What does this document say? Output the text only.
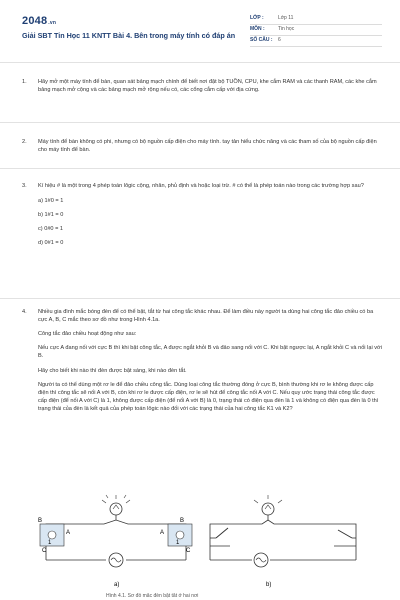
2048.vn
Giải SBT Tin Học 11 KNTT Bài 4. Bên trong máy tính có đáp án
LỚP :	Lớp 11
MÔN :	Tin học
SỐ CÂU :	6
1.	Hãy mở một máy tính để bàn, quan sát bảng mạch chính để biết nơi đặt bộ TUỒN, CPU, khe cắm RAM và các thanh RAM, các khe cắm bảng mạch mở cộng và các bảng mạch mở rộng nếu có, các cổng cắm cấp với địa cứng.

2.	Máy tính để bàn không có phi, nhưng có bộ nguồn cấp điện cho máy tính. tay tản hiểu chức năng và các tham số của bộ nguồn cấp điện cho máy tính để bàn.

3.	Kí hiệu # là một trong 4 phép toán lôgic cộng, nhân, phủ định và hoặc loại trừ. # có thể là phép toán nào trong các trường hợp sau?

a) 1#0 = 1

b) 1#1 = 0

c) 0#0 = 1

d) 0#1 = 0

4.	Nhiều gia đình mắc bóng đèn để có thể bật, tắt từ hai công tắc khác nhau. Để làm điều này người ta dùng hai công tắc đảo chiều có ba cực A, B, C mắc theo sơ đồ như trong Hình 4.1a.

Công tắc đảo chiều hoạt động như sau:

Nếu cực A đang nối với cực B thì khi bật công tắc, A được ngắt khỏi B và đảo sang nối với C. Khi bật ngược lại, A ngắt khỏi C và nối lại với B.

Hãy cho biết khi nào thì đèn được bật sáng, khi nào đèn tắt.

Người ta có thể dùng một rơ le để đảo chiều công tắc. Dùng loại công tắc thường đóng ở cực B, bình thường khi rơ le không được cấp điện thì công tắc sẽ nối A với B, còn khi rơ le được cấp điện, rơ le sẽ hút để công tắc nối A với C. Nếu quy ước trạng thái công tắc được cấp điện (để nối A với C) là 1, không được cấp điện (để nối A với B) là 0, trạng thái có điện qua đèn là 1 và không có điện qua đèn là 0 thì trạng thái của đèn là kết quả của phép toán lôgic nào đối với các trạng thái của hai công tắc K1 và K2?

B
A
C
1
B
A
C
1
a)	b)
Hình 4.1. Sơ đồ mắc đèn bật tắt ở hai nơi
